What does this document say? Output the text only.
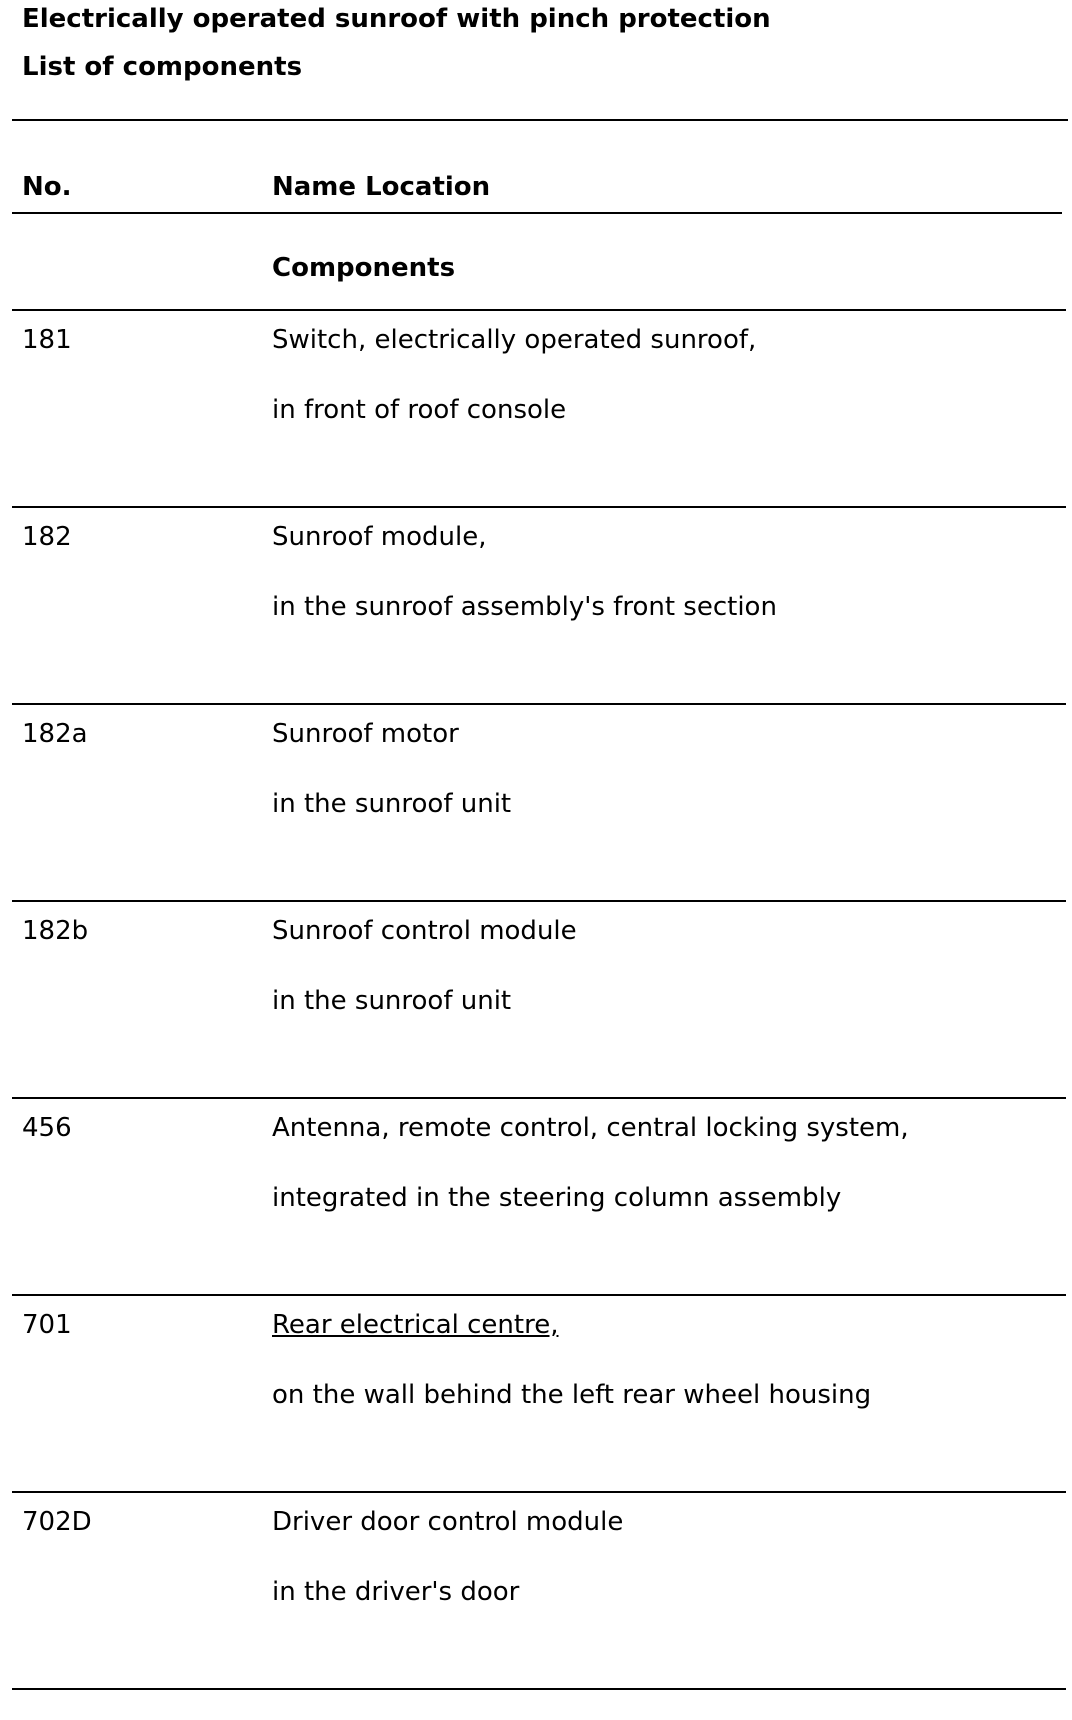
Electrically operated sunroof with pinch protection
List of components
No.	Name Location
Components
181	Switch, electrically operated sunroof,
in front of roof console
182	Sunroof module,
in the sunroof assembly's front section
182a	Sunroof motor
in the sunroof unit
182b	Sunroof control module
in the sunroof unit
456	Antenna, remote control, central locking system,
integrated in the steering column assembly
701	Rear electrical centre,
on the wall behind the left rear wheel housing
702D	Driver door control module
in the driver's door
